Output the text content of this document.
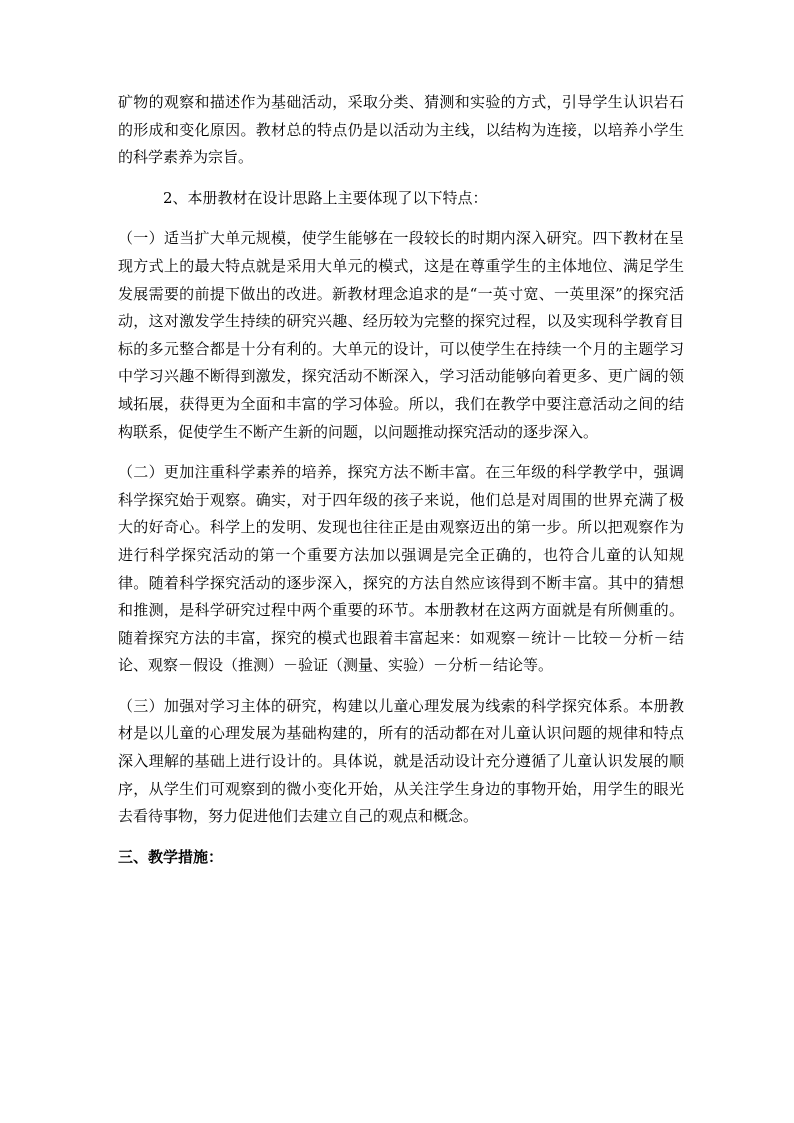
矿物的观察和描述作为基础活动，采取分类、猜测和实验的方式，引导学生认识岩石的形成和变化原因。教材总的特点仍是以活动为主线，以结构为连接，以培养小学生的科学素养为宗旨。

2、本册教材在设计思路上主要体现了以下特点：

（一）适当扩大单元规模，使学生能够在一段较长的时期内深入研究。四下教材在呈现方式上的最大特点就是采用大单元的模式，这是在尊重学生的主体地位、满足学生发展需要的前提下做出的改进。新教材理念追求的是“一英寸宽、一英里深”的探究活动，这对激发学生持续的研究兴趣、经历较为完整的探究过程，以及实现科学教育目标的多元整合都是十分有利的。大单元的设计，可以使学生在持续一个月的主题学习中学习兴趣不断得到激发，探究活动不断深入，学习活动能够向着更多、更广阔的领域拓展，获得更为全面和丰富的学习体验。所以，我们在教学中要注意活动之间的结构联系，促使学生不断产生新的问题，以问题推动探究活动的逐步深入。

（二）更加注重科学素养的培养，探究方法不断丰富。在三年级的科学教学中，强调科学探究始于观察。确实，对于四年级的孩子来说，他们总是对周围的世界充满了极大的好奇心。科学上的发明、发现也往往正是由观察迈出的第一步。所以把观察作为进行科学探究活动的第一个重要方法加以强调是完全正确的，也符合儿童的认知规律。随着科学探究活动的逐步深入，探究的方法自然应该得到不断丰富。其中的猜想和推测，是科学研究过程中两个重要的环节。本册教材在这两方面就是有所侧重的。随着探究方法的丰富，探究的模式也跟着丰富起来：如观察－统计－比较－分析－结论、观察－假设（推测）－验证（测量、实验）－分析－结论等。

（三）加强对学习主体的研究，构建以儿童心理发展为线索的科学探究体系。本册教材是以儿童的心理发展为基础构建的，所有的活动都在对儿童认识问题的规律和特点深入理解的基础上进行设计的。具体说，就是活动设计充分遵循了儿童认识发展的顺序，从学生们可观察到的微小变化开始，从关注学生身边的事物开始，用学生的眼光去看待事物，努力促进他们去建立自己的观点和概念。

三、教学措施：
